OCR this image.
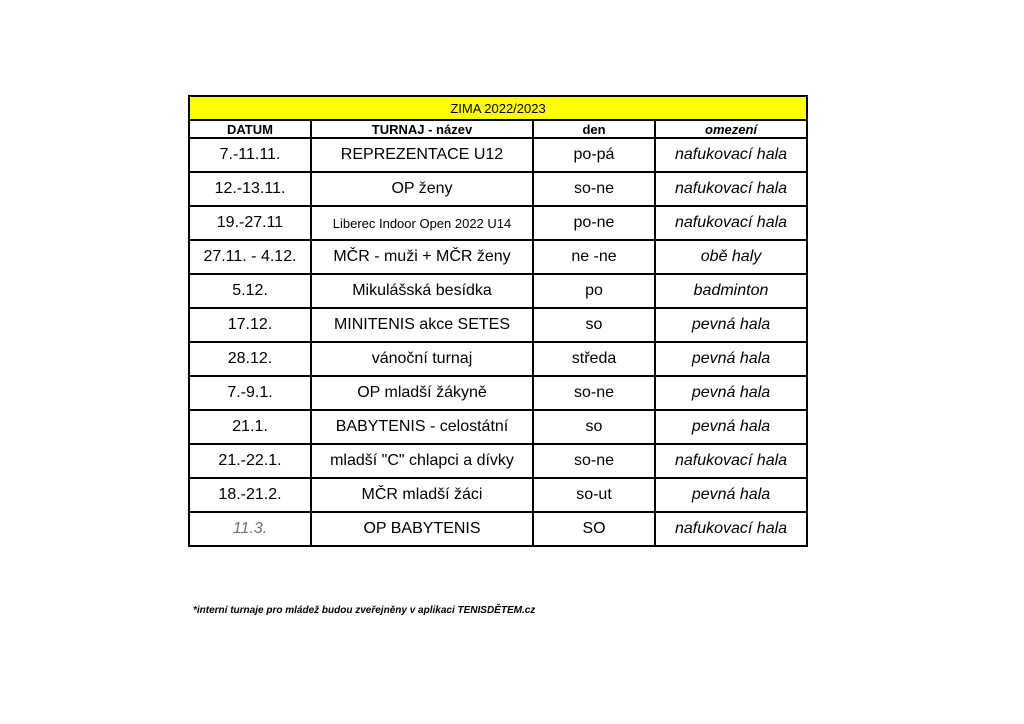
ZIMA 2022/2023			
DATUM	TURNAJ - název	den	omezení
7.-11.11.	REPREZENTACE U12	po-pá	nafukovací hala
12.-13.11.	OP ženy	so-ne	nafukovací hala
19.-27.11	Liberec Indoor Open 2022 U14	po-ne	nafukovací hala
27.11. - 4.12.	MČR - muži + MČR ženy	ne -ne	obě haly
5.12.	Mikulášská besídka	po	badminton
17.12.	MINITENIS akce SETES	so	pevná hala
28.12.	vánoční turnaj	středa	pevná hala
7.-9.1.	OP mladší žákyně	so-ne	pevná hala
21.1.	BABYTENIS - celostátní	so	pevná hala
21.-22.1.	mladší "C" chlapci a dívky	so-ne	nafukovací hala
18.-21.2.	MČR mladší žáci	so-ut	pevná hala
11.3.	OP BABYTENIS	SO	nafukovací hala
*interní turnaje pro mládež budou zveřejněny v aplikaci TENISDĚTEM.cz
